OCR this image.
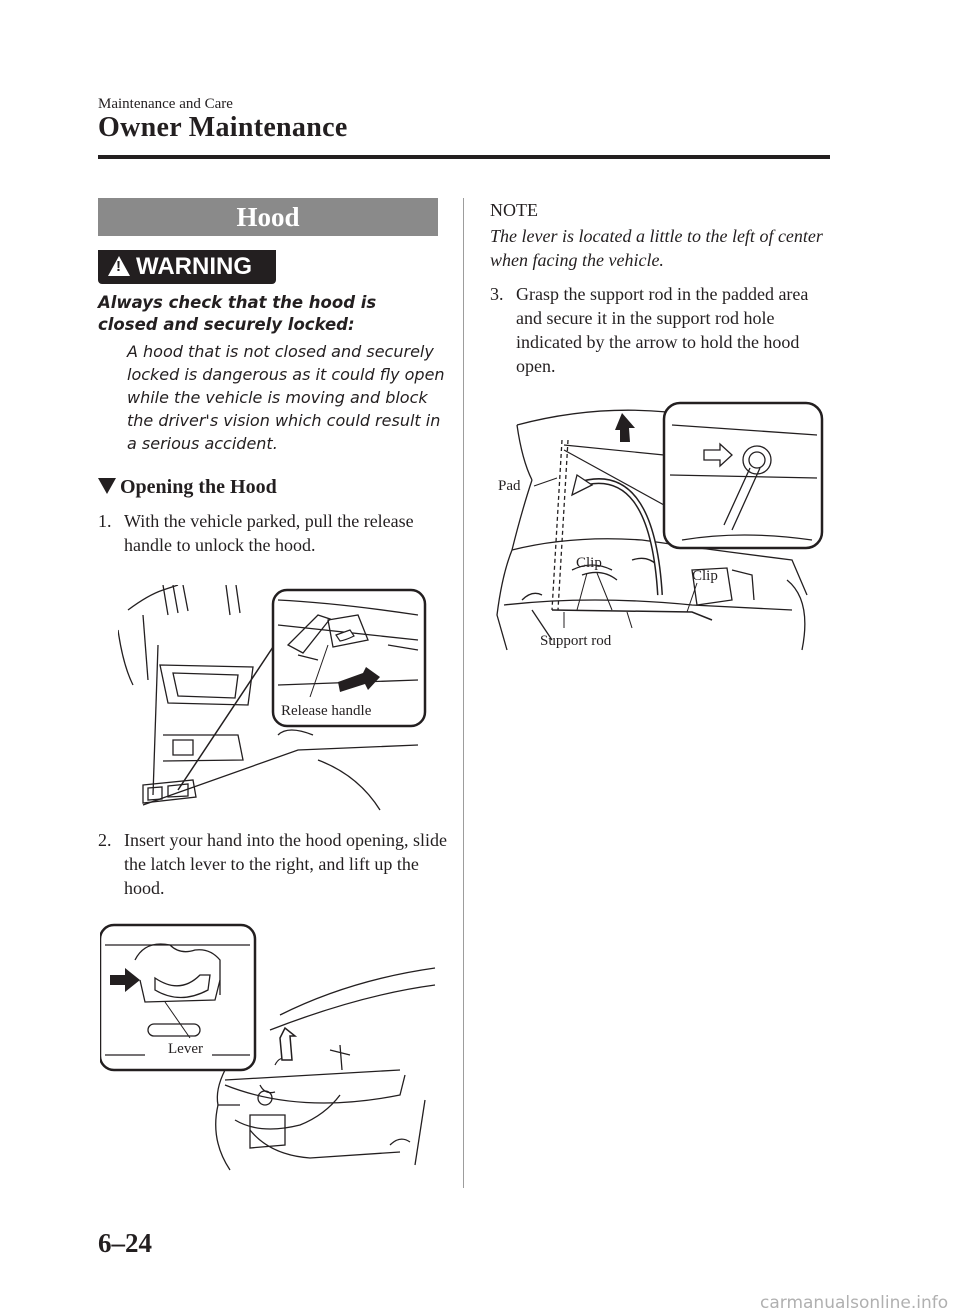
Maintenance and Care
Owner Maintenance
Hood
! WARNING
Always check that the hood is closed and securely locked:
A hood that is not closed and securely locked is dangerous as it could fly open while the vehicle is moving and block the driver's vision which could result in a serious accident.
Opening the Hood
1. With the vehicle parked, pull the release handle to unlock the hood.
Release handle
2. Insert your hand into the hood opening, slide the latch lever to the right, and lift up the hood.
Lever
NOTE
The lever is located a little to the left of center when facing the vehicle.
3. Grasp the support rod in the padded area and secure it in the support rod hole indicated by the arrow to hold the hood open.
Pad
Clip
Clip
Support rod
6–24
carmanualsonline.info
